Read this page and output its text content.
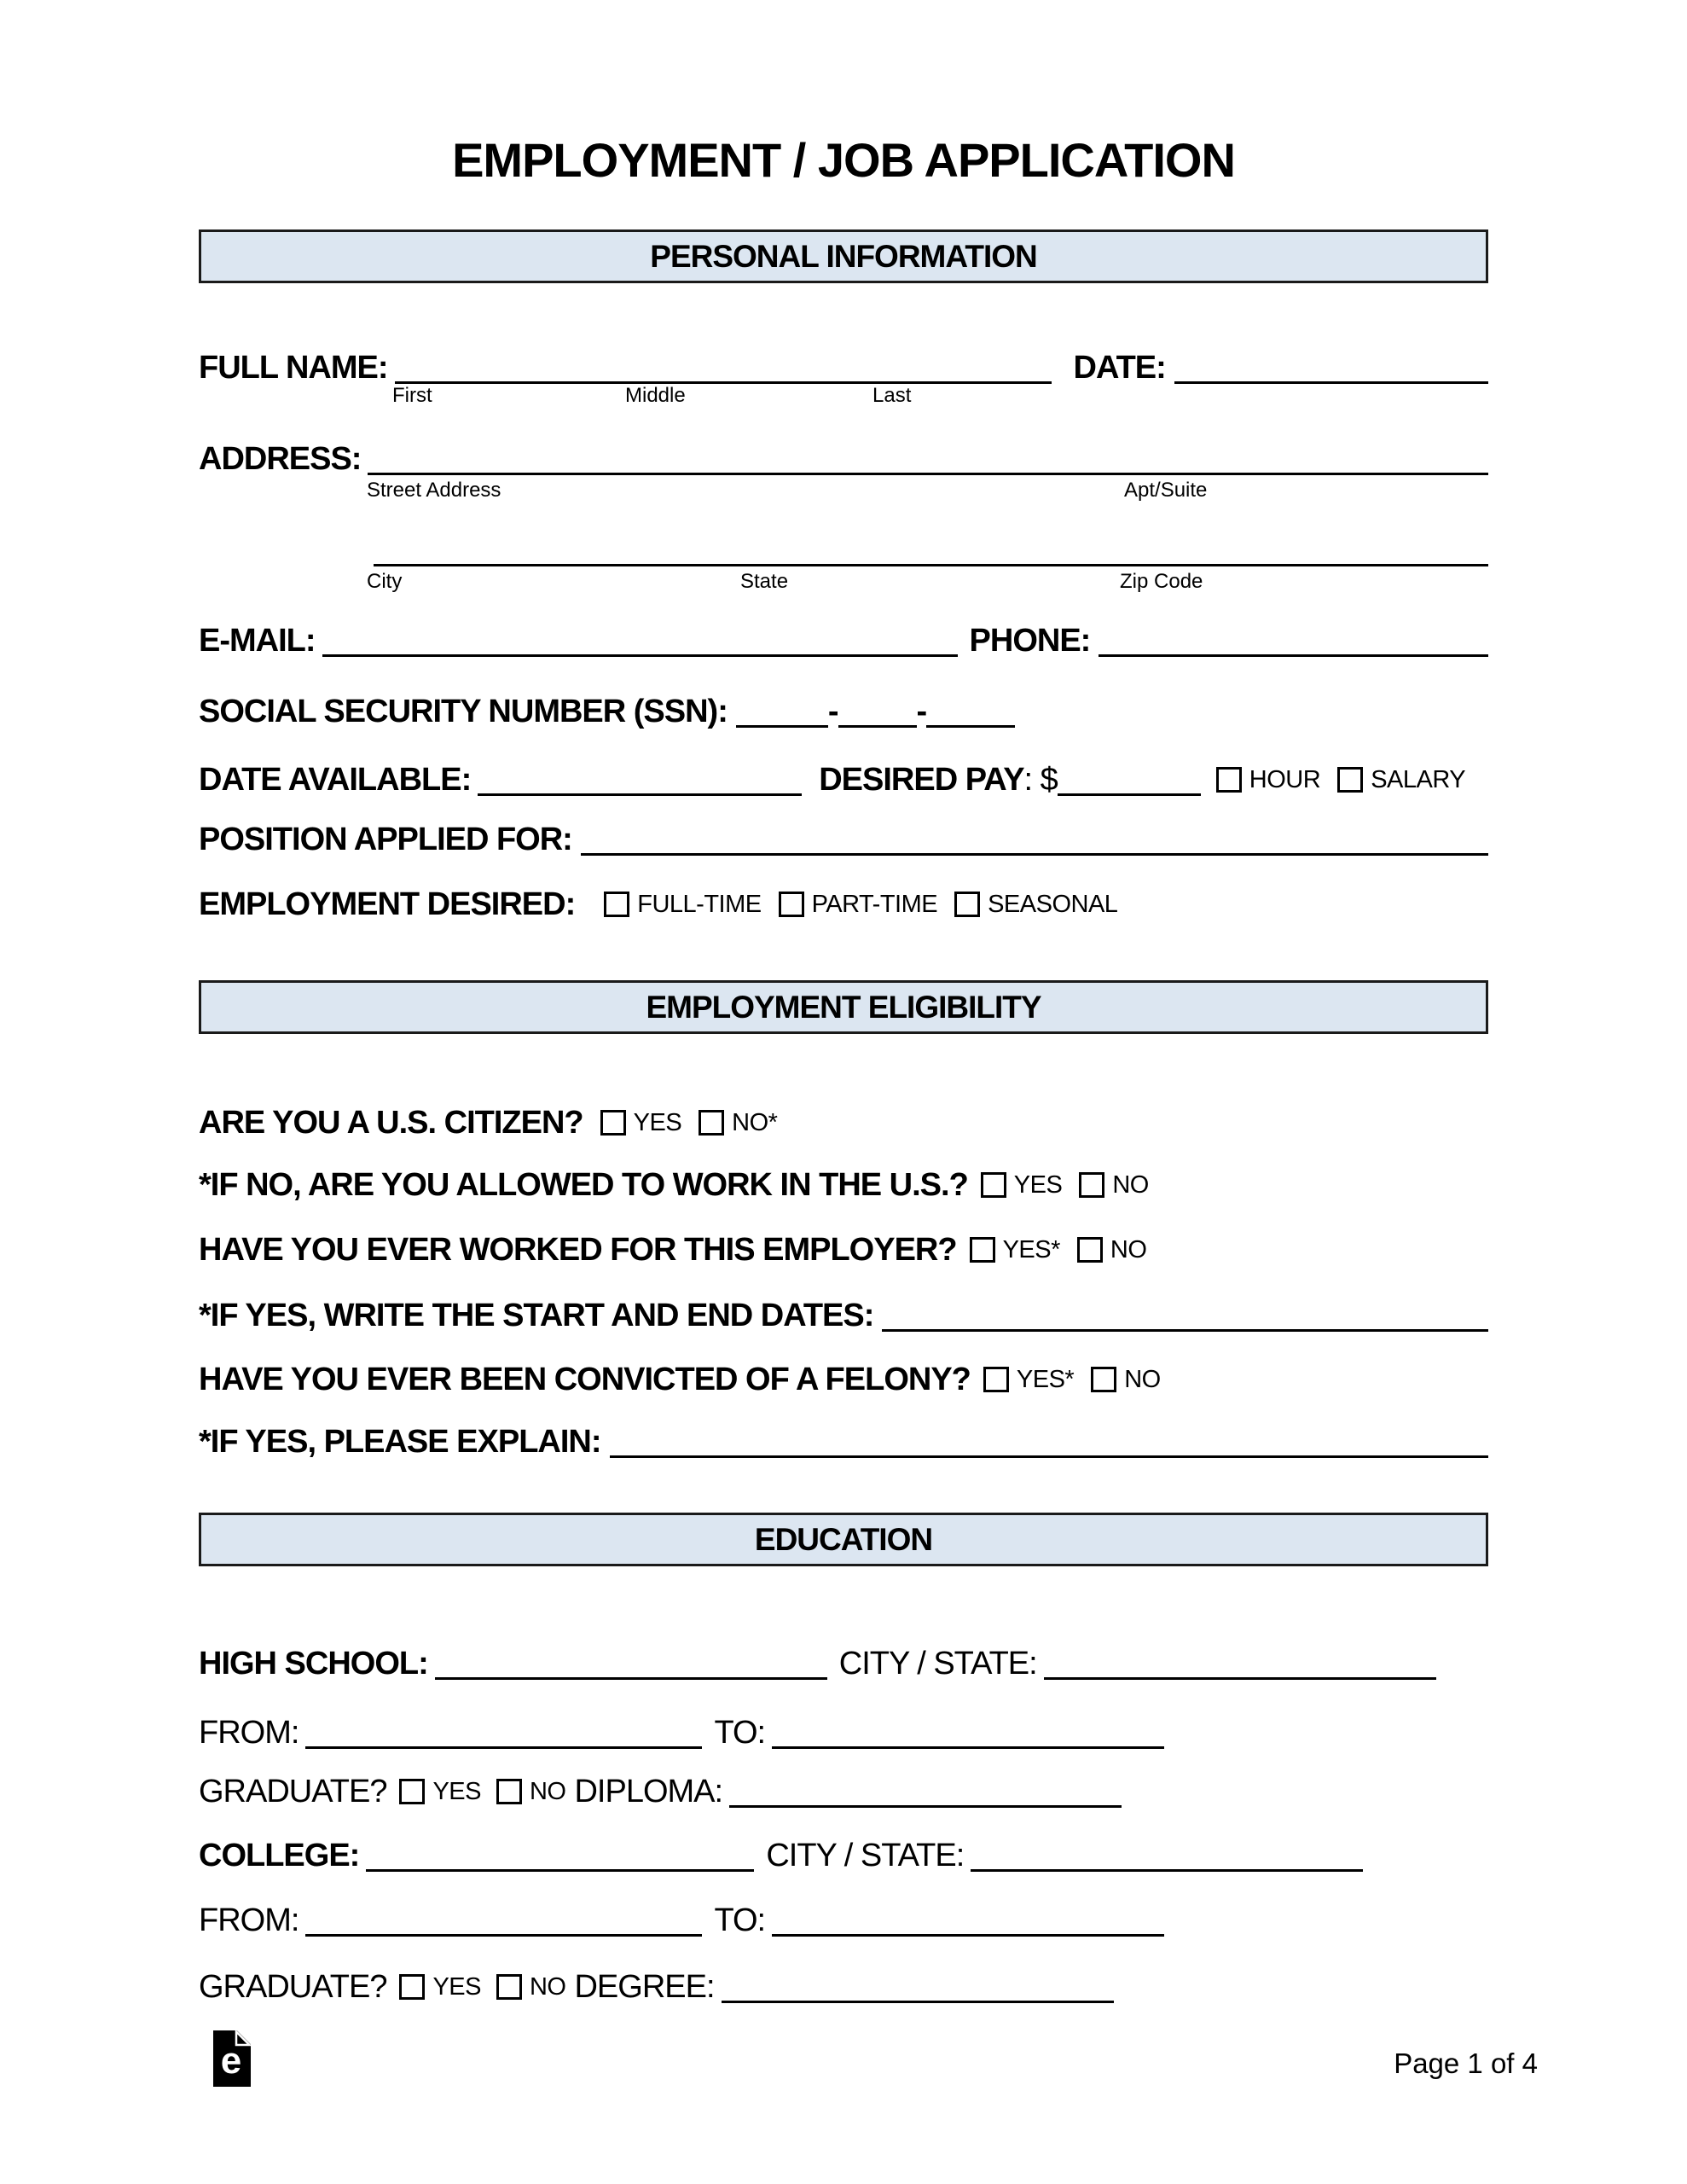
EMPLOYMENT / JOB APPLICATION
PERSONAL INFORMATION
FULL NAME:	DATE:
First	Middle	Last
ADDRESS:
Street Address	Apt/Suite
City	State	Zip Code
E-MAIL:	PHONE:
SOCIAL SECURITY NUMBER (SSN):	- -
DATE AVAILABLE:	DESIRED PAY : $	HOUR SALARY
POSITION APPLIED FOR:
EMPLOYMENT DESIRED:	FULL-TIME PART-TIME SEASONAL
EMPLOYMENT ELIGIBILITY
ARE YOU A U.S. CITIZEN? YES NO*
*IF NO, ARE YOU ALLOWED TO WORK IN THE U.S.? YES NO
HAVE YOU EVER WORKED FOR THIS EMPLOYER? YES* NO
*IF YES, WRITE THE START AND END DATES:
HAVE YOU EVER BEEN CONVICTED OF A FELONY? YES* NO
*IF YES, PLEASE EXPLAIN:
EDUCATION
HIGH SCHOOL:	CITY / STATE:
FROM:	TO:
GRADUATE? YES NO DIPLOMA:
COLLEGE:	CITY / STATE:
FROM:	TO:
GRADUATE? YES NO DEGREE:
e	Page 1 of 4
